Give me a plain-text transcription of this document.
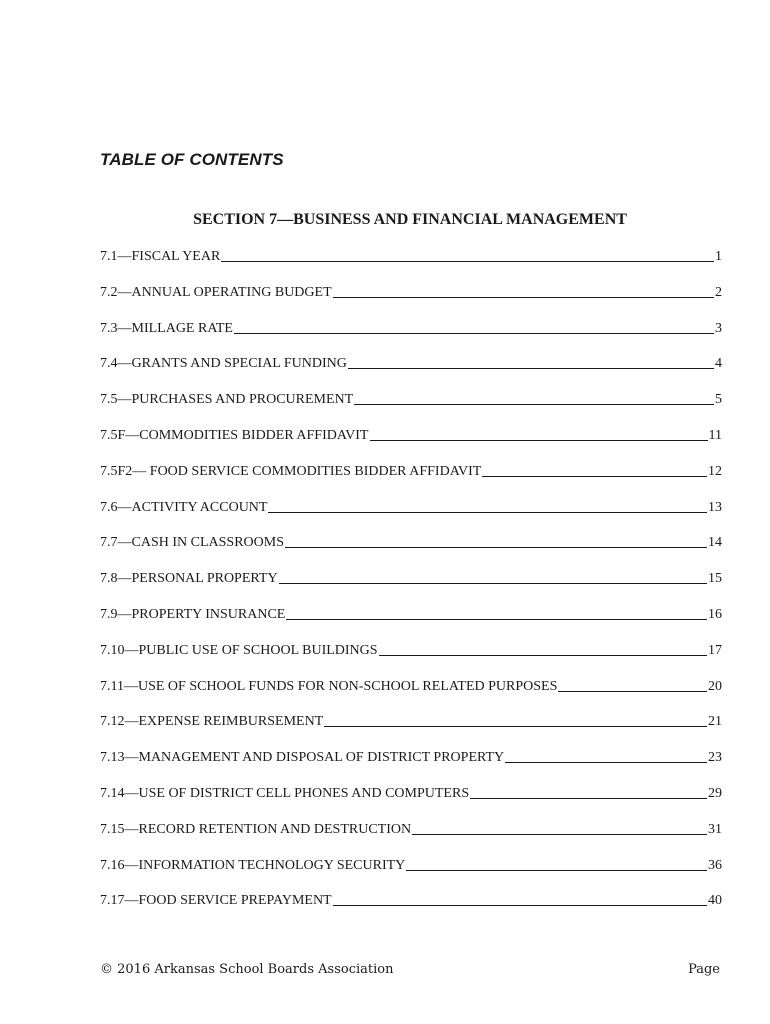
TABLE OF CONTENTS
SECTION 7—BUSINESS AND FINANCIAL MANAGEMENT
7.1—FISCAL YEAR	1
7.2—ANNUAL OPERATING BUDGET	2
7.3—MILLAGE RATE	3
7.4—GRANTS AND SPECIAL FUNDING	4
7.5—PURCHASES AND PROCUREMENT	5
7.5F—COMMODITIES BIDDER AFFIDAVIT	11
7.5F2— FOOD SERVICE COMMODITIES BIDDER AFFIDAVIT	12
7.6—ACTIVITY ACCOUNT	13
7.7—CASH IN CLASSROOMS	14
7.8—PERSONAL PROPERTY	15
7.9—PROPERTY INSURANCE	16
7.10—PUBLIC USE OF SCHOOL BUILDINGS	17
7.11—USE OF SCHOOL FUNDS FOR NON-SCHOOL RELATED PURPOSES	20
7.12—EXPENSE REIMBURSEMENT	21
7.13—MANAGEMENT AND DISPOSAL OF DISTRICT PROPERTY	23
7.14—USE OF DISTRICT CELL PHONES AND COMPUTERS	29
7.15—RECORD RETENTION AND DESTRUCTION	31
7.16—INFORMATION TECHNOLOGY SECURITY	36
7.17—FOOD SERVICE PREPAYMENT	40
© 2016 Arkansas School Boards Association	Page
